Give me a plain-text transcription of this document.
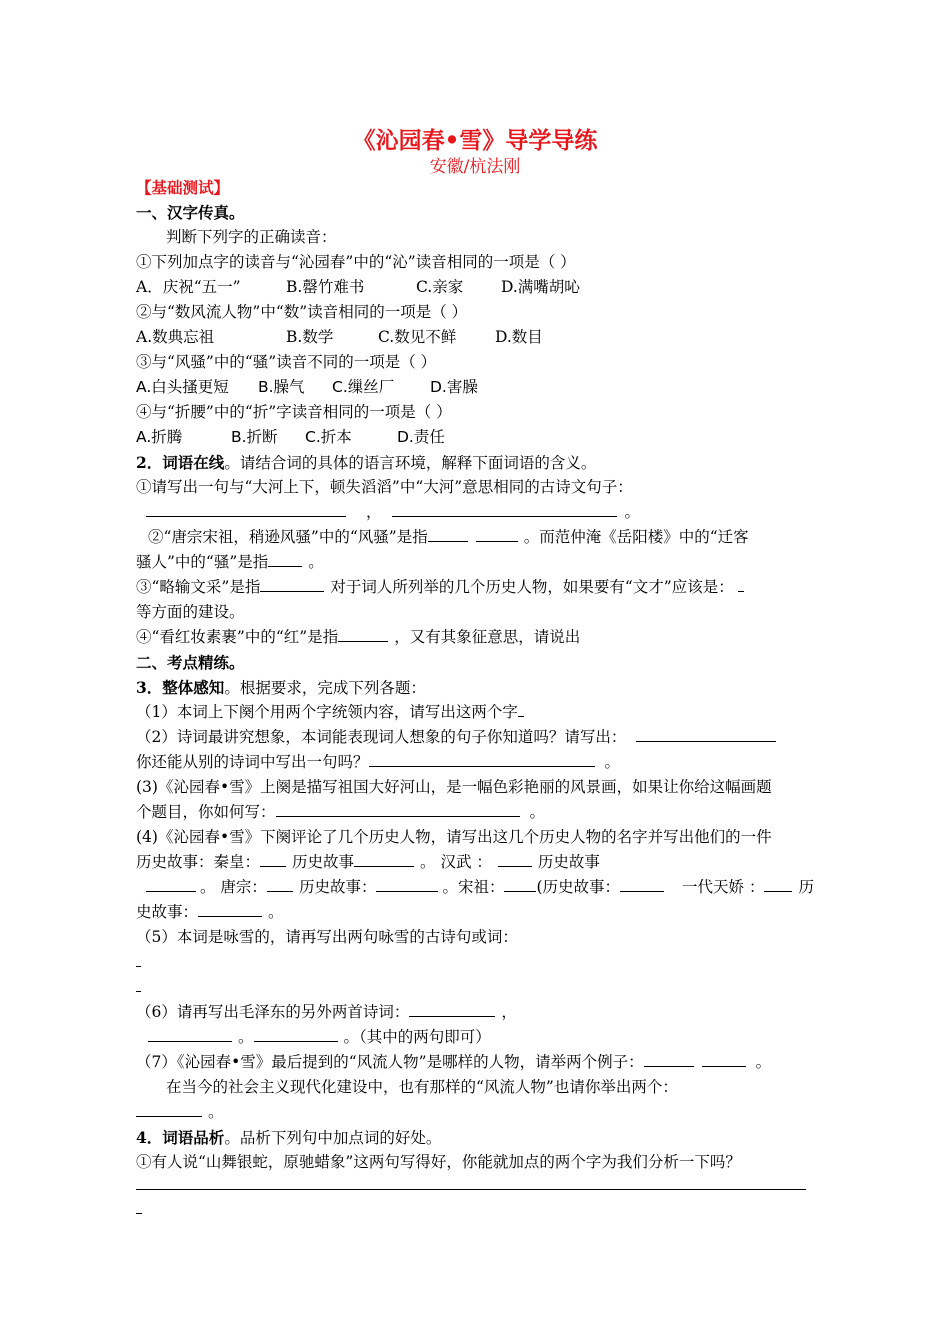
《沁园春•雪》导学导练
安徽/杭法刚
【基础测试】
一、汉字传真。
判断下列字的正确读音：
①下列加点字的读音与“沁园春”中的“沁”读音相同的一项是（ ）
A．庆祝“五一”	B.罄竹难书	C.亲家 D.满嘴胡吣
②与“数风流人物”中“数”读音相同的一项是（ ）
A.数典忘祖	B.数学	C.数见不鲜	D.数目
③与“风骚”中的“骚”读音不同的一项是（ ）
A.白头搔更短 B.臊气 C.缫丝厂 D.害臊
④与“折腰”中的“折”字读音相同的一项是（ ）
A.折腾	B.折断 C.折本	D.责任
2．词语在线。请结合词的具体的语言环境，解释下面词语的含义。
①请写出一句与“大河上下，顿失滔滔”中“大河”意思相同的古诗文句子：
，	。
②“唐宗宋祖，稍逊风骚”中的“风骚”是指	。而范仲淹《岳阳楼》中的“迁客
骚人”中的“骚”是指	。
③“略输文采”是指	对于词人所列举的几个历史人物，如果要有“文才”应该是：
等方面的建设。
④“看红妆素裹”中的“红”是指	，又有其象征意思，请说出
二、考点精练。
3．整体感知。根据要求，完成下列各题：
（1）本词上下阕个用两个字统领内容，请写出这两个字
（2）诗词最讲究想象，本词能表现词人想象的句子你知道吗？请写出：
你还能从别的诗词中写出一句吗？	。
(3)《沁园春•雪》上阕是描写祖国大好河山，是一幅色彩艳丽的风景画，如果让你给这幅画题
个题目，你如何写：	。
(4)《沁园春•雪》下阕评论了几个历史人物，请写出这几个历史人物的名字并写出他们的一件
历史故事：秦皇： 历史故事	。 汉武 ：	历史故事
。 唐宗： 历史故事：	。宋祖： (历史故事：	一代天娇 ： 历
史故事：	。
（5）本词是咏雪的，请再写出两句咏雪的古诗句或词：
（6）请再写出毛泽东的另外两首诗词：	，
。	。（其中的两句即可）
（7）《沁园春•雪》最后提到的“风流人物”是哪样的人物，请举两个例子：	。
在当今的社会主义现代化建设中，也有那样的“风流人物”也请你举出两个：
。
4．词语品析。品析下列句中加点词的好处。
①有人说“山舞银蛇，原驰蜡象”这两句写得好，你能就加点的两个字为我们分析一下吗？
